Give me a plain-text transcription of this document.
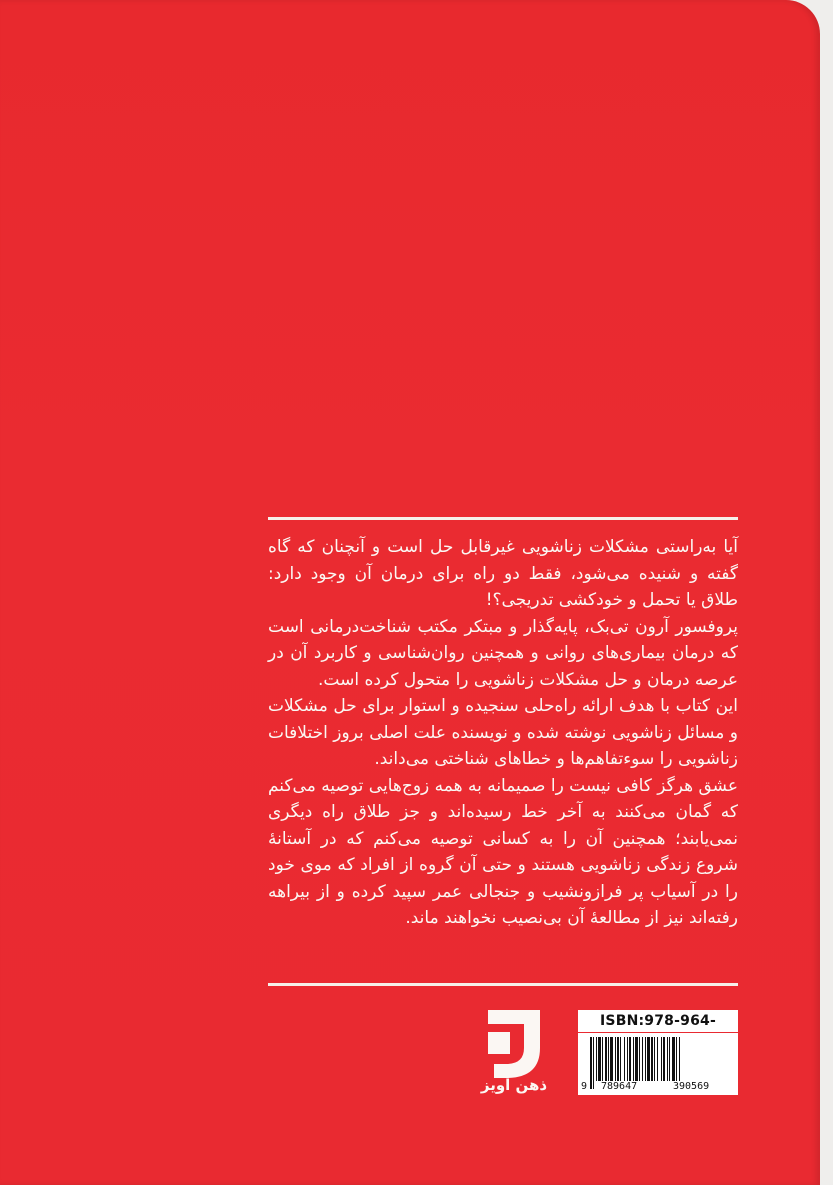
آیا به‌راستی مشکلات زناشویی غیرقابل حل است و آنچنان که گاه گفته و شنیده می‌شود، فقط دو راه برای درمان آن وجود دارد: طلاق یا تحمل و خودکشی تدریجی؟!

پروفسور آرون تی‌بک، پایه‌گذار و مبتکر مکتب شناخت‌درمانی است که درمان بیماری‌های روانی و همچنین روان‌شناسی و کاربرد آن در عرصه درمان و حل مشکلات زناشویی را متحول کرده است.

این کتاب با هدف ارائه راه‌حلی سنجیده و استوار برای حل مشکلات و مسائل زناشویی نوشته شده و نویسنده علت اصلی بروز اختلافات زناشویی را سوءتفاهم‌ها و خطاهای شناختی می‌داند.

عشق هرگز کافی نیست را صمیمانه به همه زوج‌هایی توصیه می‌کنم که گمان می‌کنند به آخر خط رسیده‌اند و جز طلاق راه دیگری نمی‌یابند؛ همچنین آن را به کسانی توصیه می‌کنم که در آستانهٔ شروع زندگی زناشویی هستند و حتی آن گروه از افراد که موی خود را در آسیاب پر فرازونشیب و جنجالی عمر سپید کرده و از بیراهه رفته‌اند نیز از مطالعهٔ آن بی‌نصیب نخواهند ماند.

ذهن آویز
ISBN:978-964-
9 789647	390569
